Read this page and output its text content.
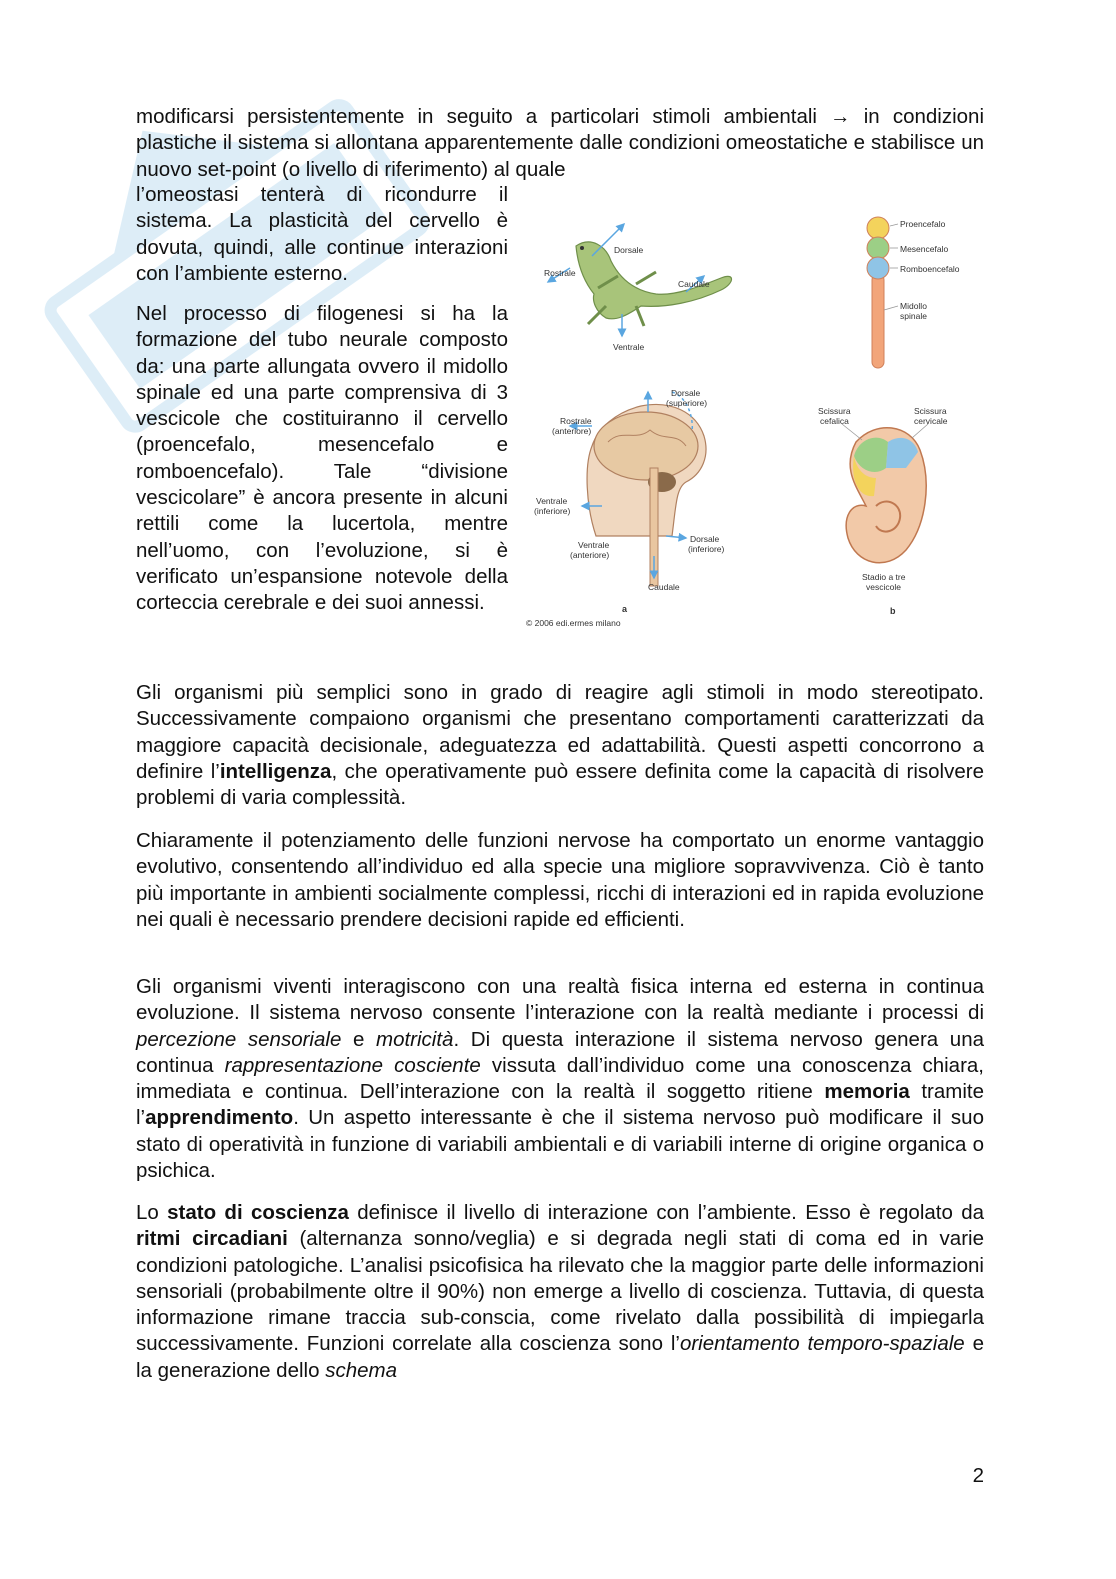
modificarsi persistentemente in seguito a particolari stimoli ambientali → in condizioni plastiche il sistema si allontana apparentemente dalle condizioni omeostatiche e stabilisce un nuovo set-point (o livello di riferimento) al quale

l’omeostasi tenterà di ricondurre il sistema. La plasticità del cervello è dovuta, quindi, alle continue interazioni con l’ambiente esterno.

Nel processo di filogenesi si ha la formazione del tubo neurale composto da: una parte allungata ovvero il midollo spinale ed una parte comprensiva di 3 vescicole che costituiranno il cervello (proencefalo, mesencefalo e romboencefalo). Tale “divisione vescicolare” è ancora presente in alcuni rettili come la lucertola, mentre nell’uomo, con l’evoluzione, si è verificato un’espansione notevole della corteccia cerebrale e dei suoi annessi.

Dorsale
Rostrale
Caudale
Ventrale
Proencefalo
Mesencefalo
Romboencefalo
Midollo
spinale
Dorsale
(superiore)
Rostrale
(anteriore)
Ventrale
(inferiore)
Ventrale
(anteriore)
Dorsale
(inferiore)
Caudale
a
© 2006 edi.ermes milano
Scissura
cefalica
Scissura
cervicale
Stadio a tre
vescicole
b

Gli organismi più semplici sono in grado di reagire agli stimoli in modo stereotipato. Successivamente compaiono organismi che presentano comportamenti caratterizzati da maggiore capacità decisionale, adeguatezza ed adattabilità. Questi aspetti concorrono a definire l’intelligenza, che operativamente può essere definita come la capacità di risolvere problemi di varia complessità.

Chiaramente il potenziamento delle funzioni nervose ha comportato un enorme vantaggio evolutivo, consentendo all’individuo ed alla specie una migliore sopravvivenza. Ciò è tanto più importante in ambienti socialmente complessi, ricchi di interazioni ed in rapida evoluzione nei quali è necessario prendere decisioni rapide ed efficienti.

Gli organismi viventi interagiscono con una realtà fisica interna ed esterna in continua evoluzione. Il sistema nervoso consente l’interazione con la realtà mediante i processi di percezione sensoriale e motricità. Di questa interazione il sistema nervoso genera una continua rappresentazione cosciente vissuta dall’individuo come una conoscenza chiara, immediata e continua. Dell’interazione con la realtà il soggetto ritiene memoria tramite l’apprendimento. Un aspetto interessante è che il sistema nervoso può modificare il suo stato di operatività in funzione di variabili ambientali e di variabili interne di origine organica o psichica.

Lo stato di coscienza definisce il livello di interazione con l’ambiente. Esso è regolato da ritmi circadiani (alternanza sonno/veglia) e si degrada negli stati di coma ed in varie condizioni patologiche. L’analisi psicofisica ha rilevato che la maggior parte delle informazioni sensoriali (probabilmente oltre il 90%) non emerge a livello di coscienza. Tuttavia, di questa informazione rimane traccia sub-conscia, come rivelato dalla possibilità di impiegarla successivamente. Funzioni correlate alla coscienza sono l’orientamento temporo-spaziale e la generazione dello schema

2
